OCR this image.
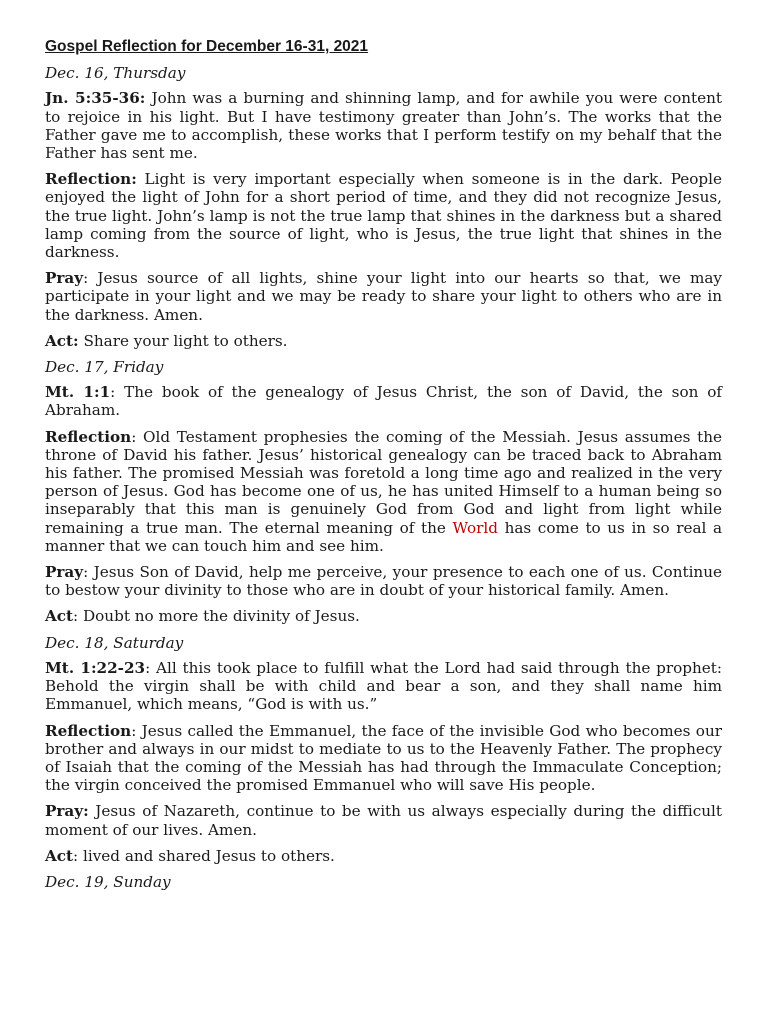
Gospel Reflection for December 16-31, 2021
Dec. 16, Thursday

Jn. 5:35-36: John was a burning and shinning lamp, and for awhile you were content to rejoice in his light. But I have testimony greater than John’s. The works that the Father gave me to accomplish, these works that I perform testify on my behalf that the Father has sent me.

Reflection: Light is very important especially when someone is in the dark. People enjoyed the light of John for a short period of time, and they did not recognize Jesus, the true light. John’s lamp is not the true lamp that shines in the darkness but a shared lamp coming from the source of light, who is Jesus, the true light that shines in the darkness.

Pray: Jesus source of all lights, shine your light into our hearts so that, we may participate in your light and we may be ready to share your light to others who are in the darkness. Amen.

Act: Share your light to others.

Dec. 17, Friday

Mt. 1:1: The book of the genealogy of Jesus Christ, the son of David, the son of Abraham.

Reflection: Old Testament prophesies the coming of the Messiah. Jesus assumes the throne of David his father. Jesus’ historical genealogy can be traced back to Abraham his father. The promised Messiah was foretold a long time ago and realized in the very person of Jesus. God has become one of us, he has united Himself to a human being so inseparably that this man is genuinely God from God and light from light while remaining a true man. The eternal meaning of the World has come to us in so real a manner that we can touch him and see him.

Pray: Jesus Son of David, help me perceive, your presence to each one of us. Continue to bestow your divinity to those who are in doubt of your historical family. Amen.

Act: Doubt no more the divinity of Jesus.

Dec. 18, Saturday

Mt. 1:22-23: All this took place to fulfill what the Lord had said through the prophet: Behold the virgin shall be with child and bear a son, and they shall name him Emmanuel, which means, “God is with us.”

Reflection: Jesus called the Emmanuel, the face of the invisible God who becomes our brother and always in our midst to mediate to us to the Heavenly Father. The prophecy of Isaiah that the coming of the Messiah has had through the Immaculate Conception; the virgin conceived the promised Emmanuel who will save His people.

Pray: Jesus of Nazareth, continue to be with us always especially during the difficult moment of our lives. Amen.

Act: lived and shared Jesus to others.

Dec. 19, Sunday
